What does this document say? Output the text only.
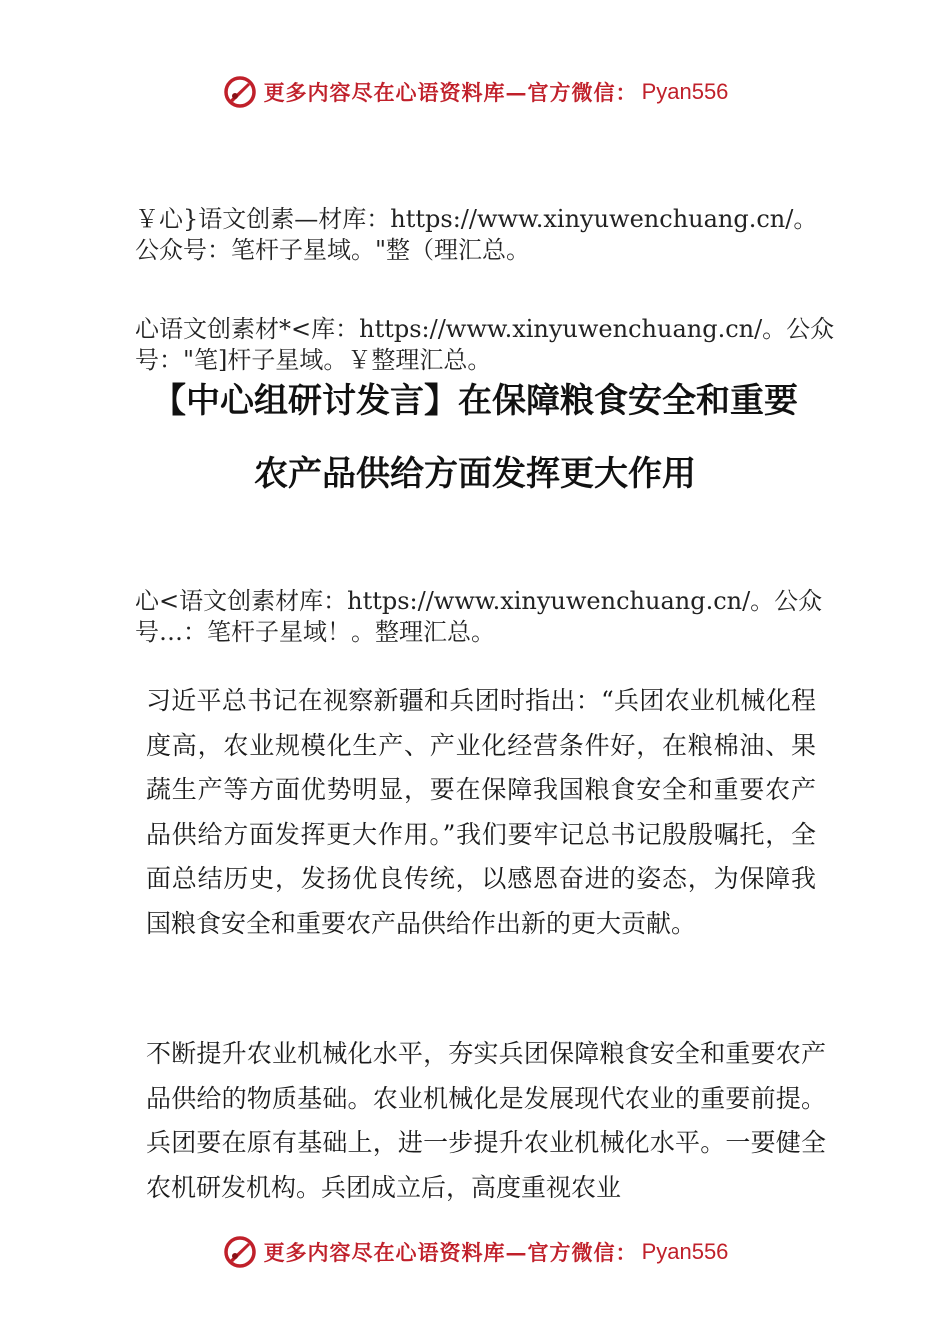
更多内容尽在心语资料库—官方微信： Pyan556
￥心}语文创素—材库：https://www.xinyuwenchuang.cn/。公众号：笔杆子星域。"整（理汇总。
心语文创素材*<库：https://www.xinyuwenchuang.cn/。公众号："笔]杆子星域。￥整理汇总。
【中心组研讨发言】在保障粮食安全和重要
农产品供给方面发挥更大作用
心<语文创素材库：https://www.xinyuwenchuang.cn/。公众号…：笔杆子星域！。整理汇总。
习近平总书记在视察新疆和兵团时指出：“兵团农业机械化程度高，农业规模化生产、产业化经营条件好，在粮棉油、果蔬生产等方面优势明显，要在保障我国粮食安全和重要农产品供给方面发挥更大作用。”我们要牢记总书记殷殷嘱托，全面总结历史，发扬优良传统，以感恩奋进的姿态，为保障我国粮食安全和重要农产品供给作出新的更大贡献。
不断提升农业机械化水平，夯实兵团保障粮食安全和重要农产品供给的物质基础。农业机械化是发展现代农业的重要前提。兵团要在原有基础上，进一步提升农业机械化水平。一要健全农机研发机构。兵团成立后，高度重视农业
更多内容尽在心语资料库—官方微信： Pyan556
